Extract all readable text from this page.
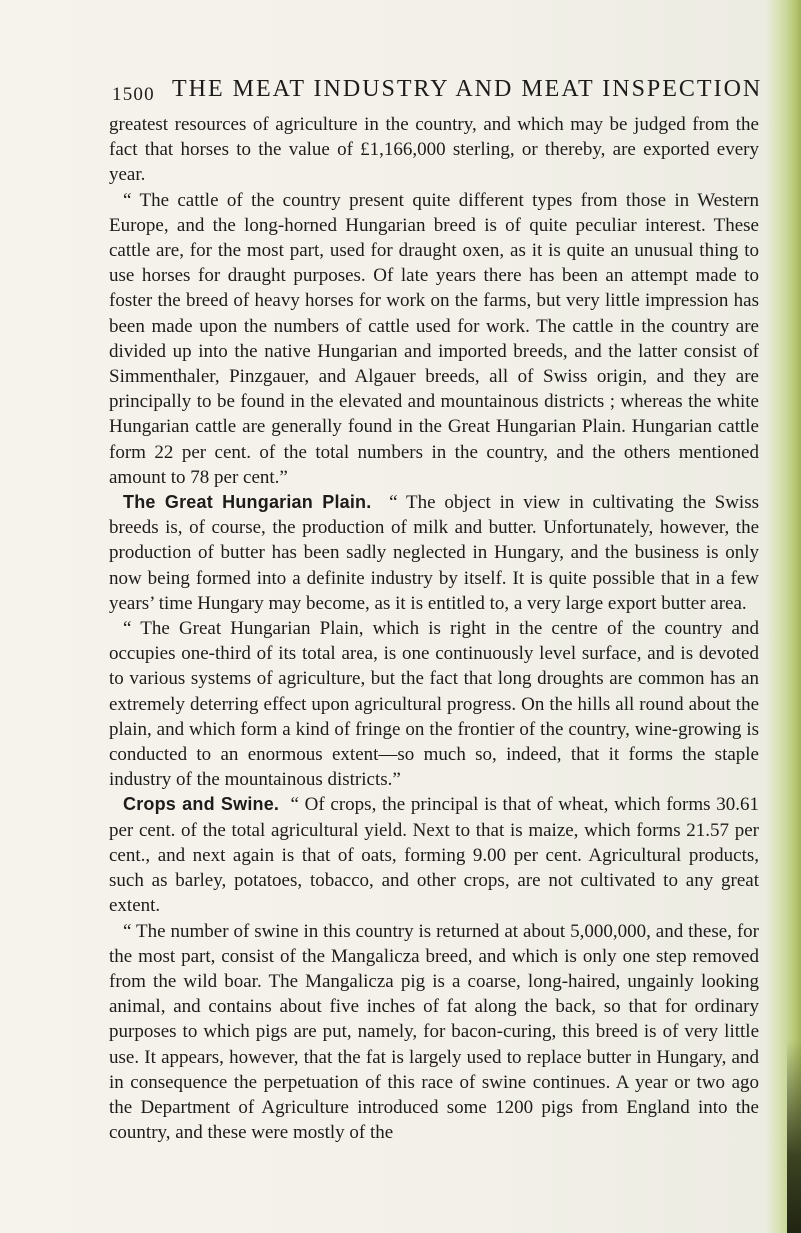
1500 THE MEAT INDUSTRY AND MEAT INSPECTION

greatest resources of agriculture in the country, and which may be judged from the fact that horses to the value of £1,166,000 sterling, or thereby, are exported every year.

“ The cattle of the country present quite different types from those in Western Europe, and the long-horned Hungarian breed is of quite peculiar interest. These cattle are, for the most part, used for draught oxen, as it is quite an unusual thing to use horses for draught purposes. Of late years there has been an attempt made to foster the breed of heavy horses for work on the farms, but very little impression has been made upon the numbers of cattle used for work. The cattle in the country are divided up into the native Hungarian and imported breeds, and the latter consist of Simmenthaler, Pinzgauer, and Algauer breeds, all of Swiss origin, and they are principally to be found in the elevated and mountainous districts ; whereas the white Hungarian cattle are generally found in the Great Hungarian Plain. Hungarian cattle form 22 per cent. of the total numbers in the country, and the others mentioned amount to 78 per cent.”

The Great Hungarian Plain. “ The object in view in cultivating the Swiss breeds is, of course, the production of milk and butter. Unfortunately, however, the production of butter has been sadly neglected in Hungary, and the business is only now being formed into a definite industry by itself. It is quite possible that in a few years’ time Hungary may become, as it is entitled to, a very large export butter area.

“ The Great Hungarian Plain, which is right in the centre of the country and occupies one-third of its total area, is one continuously level surface, and is devoted to various systems of agriculture, but the fact that long droughts are common has an extremely deterring effect upon agricultural progress. On the hills all round about the plain, and which form a kind of fringe on the frontier of the country, wine-growing is conducted to an enormous extent—so much so, indeed, that it forms the staple industry of the mountainous districts.”

Crops and Swine. “ Of crops, the principal is that of wheat, which forms 30.61 per cent. of the total agricultural yield. Next to that is maize, which forms 21.57 per cent., and next again is that of oats, forming 9.00 per cent. Agricultural products, such as barley, potatoes, tobacco, and other crops, are not cultivated to any great extent.

“ The number of swine in this country is returned at about 5,000,000, and these, for the most part, consist of the Mangalicza breed, and which is only one step removed from the wild boar. The Mangalicza pig is a coarse, long-haired, ungainly looking animal, and contains about five inches of fat along the back, so that for ordinary purposes to which pigs are put, namely, for bacon-curing, this breed is of very little use. It appears, however, that the fat is largely used to replace butter in Hungary, and in consequence the perpetuation of this race of swine continues. A year or two ago the Department of Agriculture introduced some 1200 pigs from England into the country, and these were mostly of the
